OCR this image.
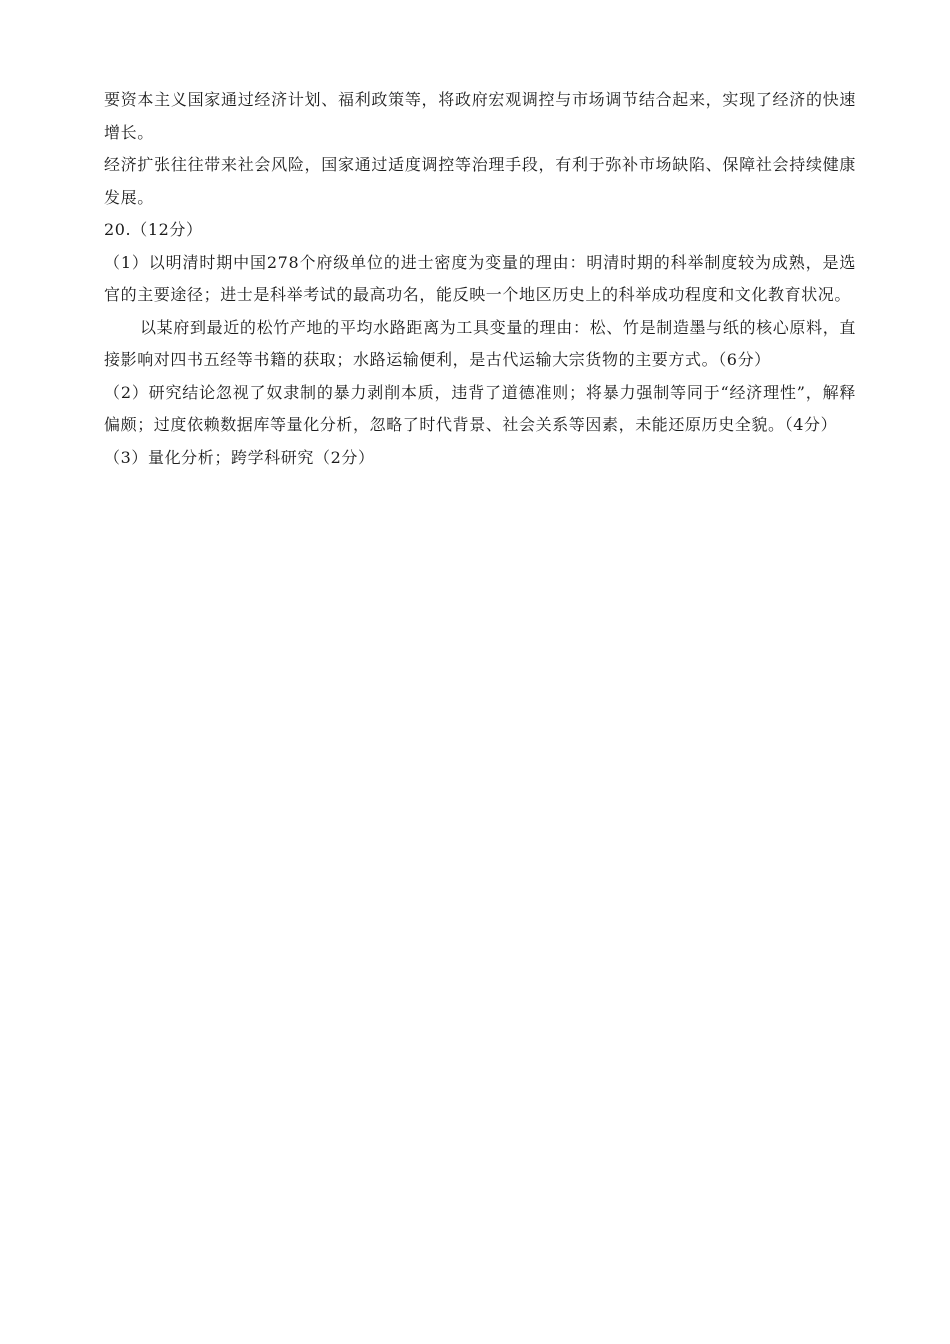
要资本主义国家通过经济计划、福利政策等，将政府宏观调控与市场调节结合起来，实现了经济的快速增长。

经济扩张往往带来社会风险，国家通过适度调控等治理手段，有利于弥补市场缺陷、保障社会持续健康发展。

20.（12分）

（1）以明清时期中国278个府级单位的进士密度为变量的理由：明清时期的科举制度较为成熟，是选官的主要途径；进士是科举考试的最高功名，能反映一个地区历史上的科举成功程度和文化教育状况。

以某府到最近的松竹产地的平均水路距离为工具变量的理由：松、竹是制造墨与纸的核心原料，直接影响对四书五经等书籍的获取；水路运输便利，是古代运输大宗货物的主要方式。（6分）

（2）研究结论忽视了奴隶制的暴力剥削本质，违背了道德准则；将暴力强制等同于“经济理性”，解释偏颇；过度依赖数据库等量化分析，忽略了时代背景、社会关系等因素，未能还原历史全貌。（4分）

（3）量化分析；跨学科研究（2分）
